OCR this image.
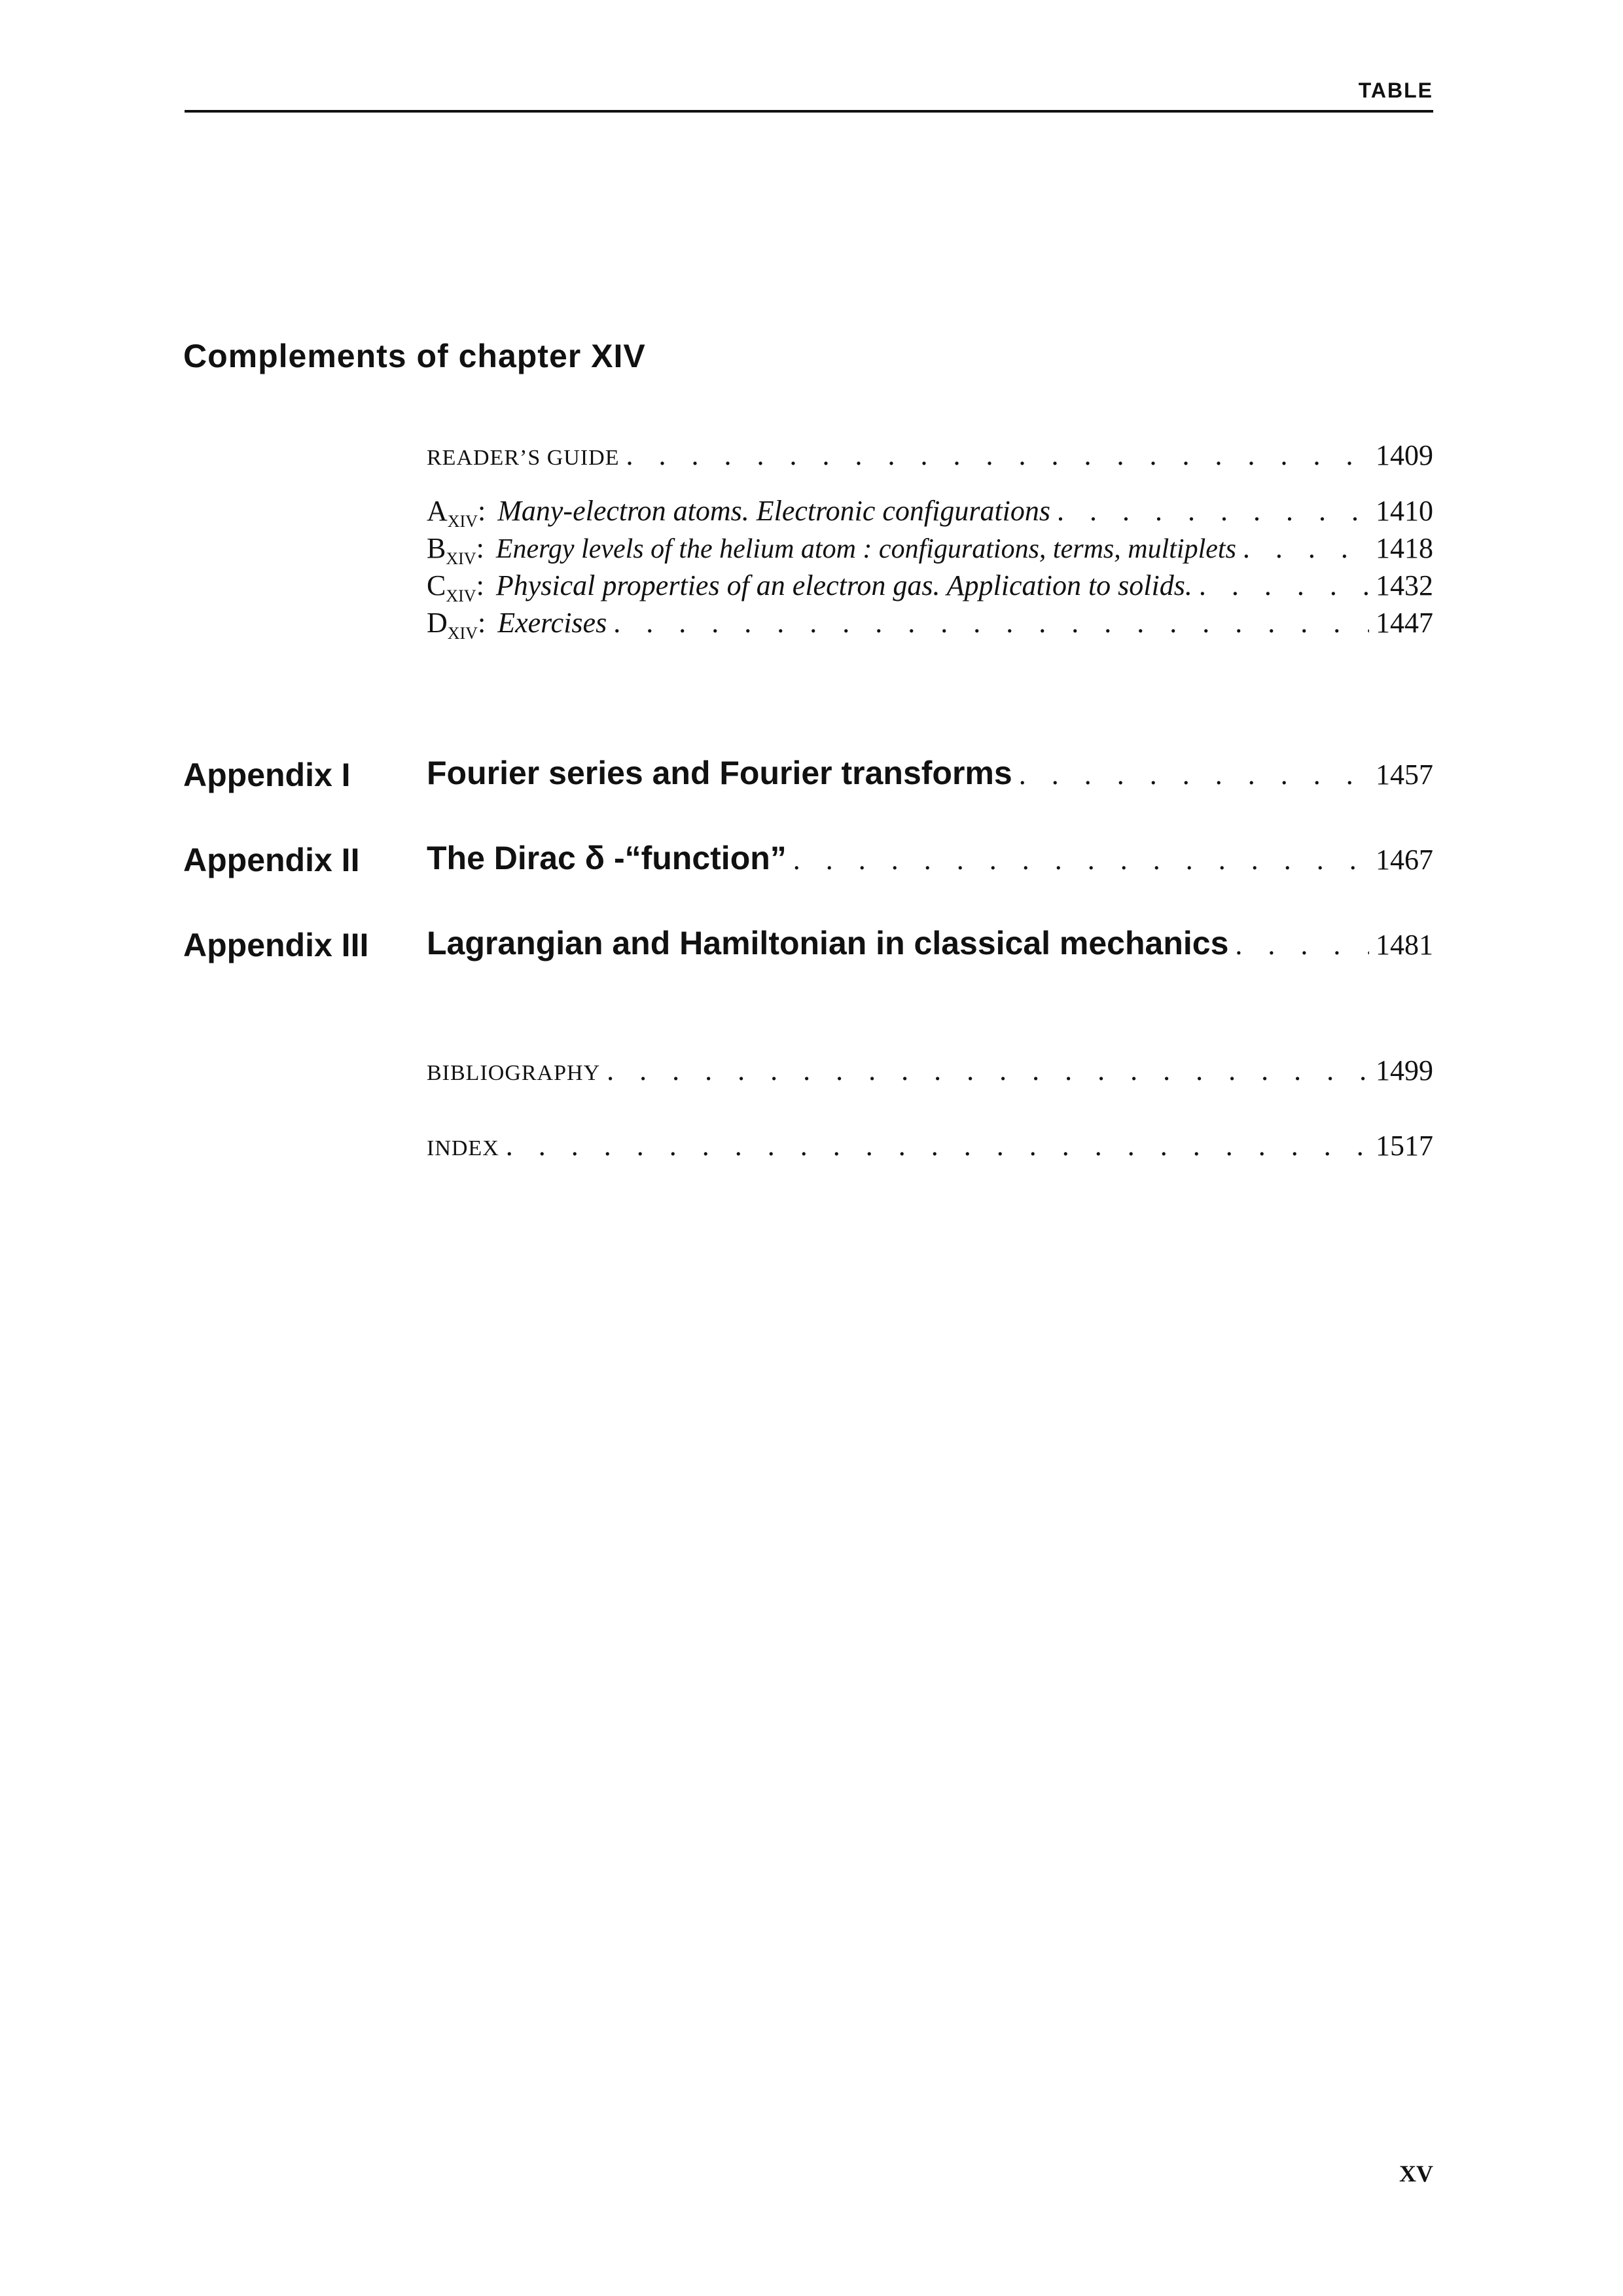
TABLE
Complements of chapter XIV
READER’S GUIDE . . .	1409
A XIV : Many-electron atoms. Electronic configurations . . .	1410
B XIV : Energy levels of the helium atom : configurations, terms, multiplets . . .	1418
C XIV : Physical properties of an electron gas. Application to solids. . . .	1432
D XIV : Exercises . . .	1447
Appendix I Fourier series and Fourier transforms . . .	1457
Appendix II The Dirac δ -“function” . . .	1467
Appendix III Lagrangian and Hamiltonian in classical mechanics . . .	1481
BIBLIOGRAPHY . . .	1499
INDEX . . .	1517
XV
